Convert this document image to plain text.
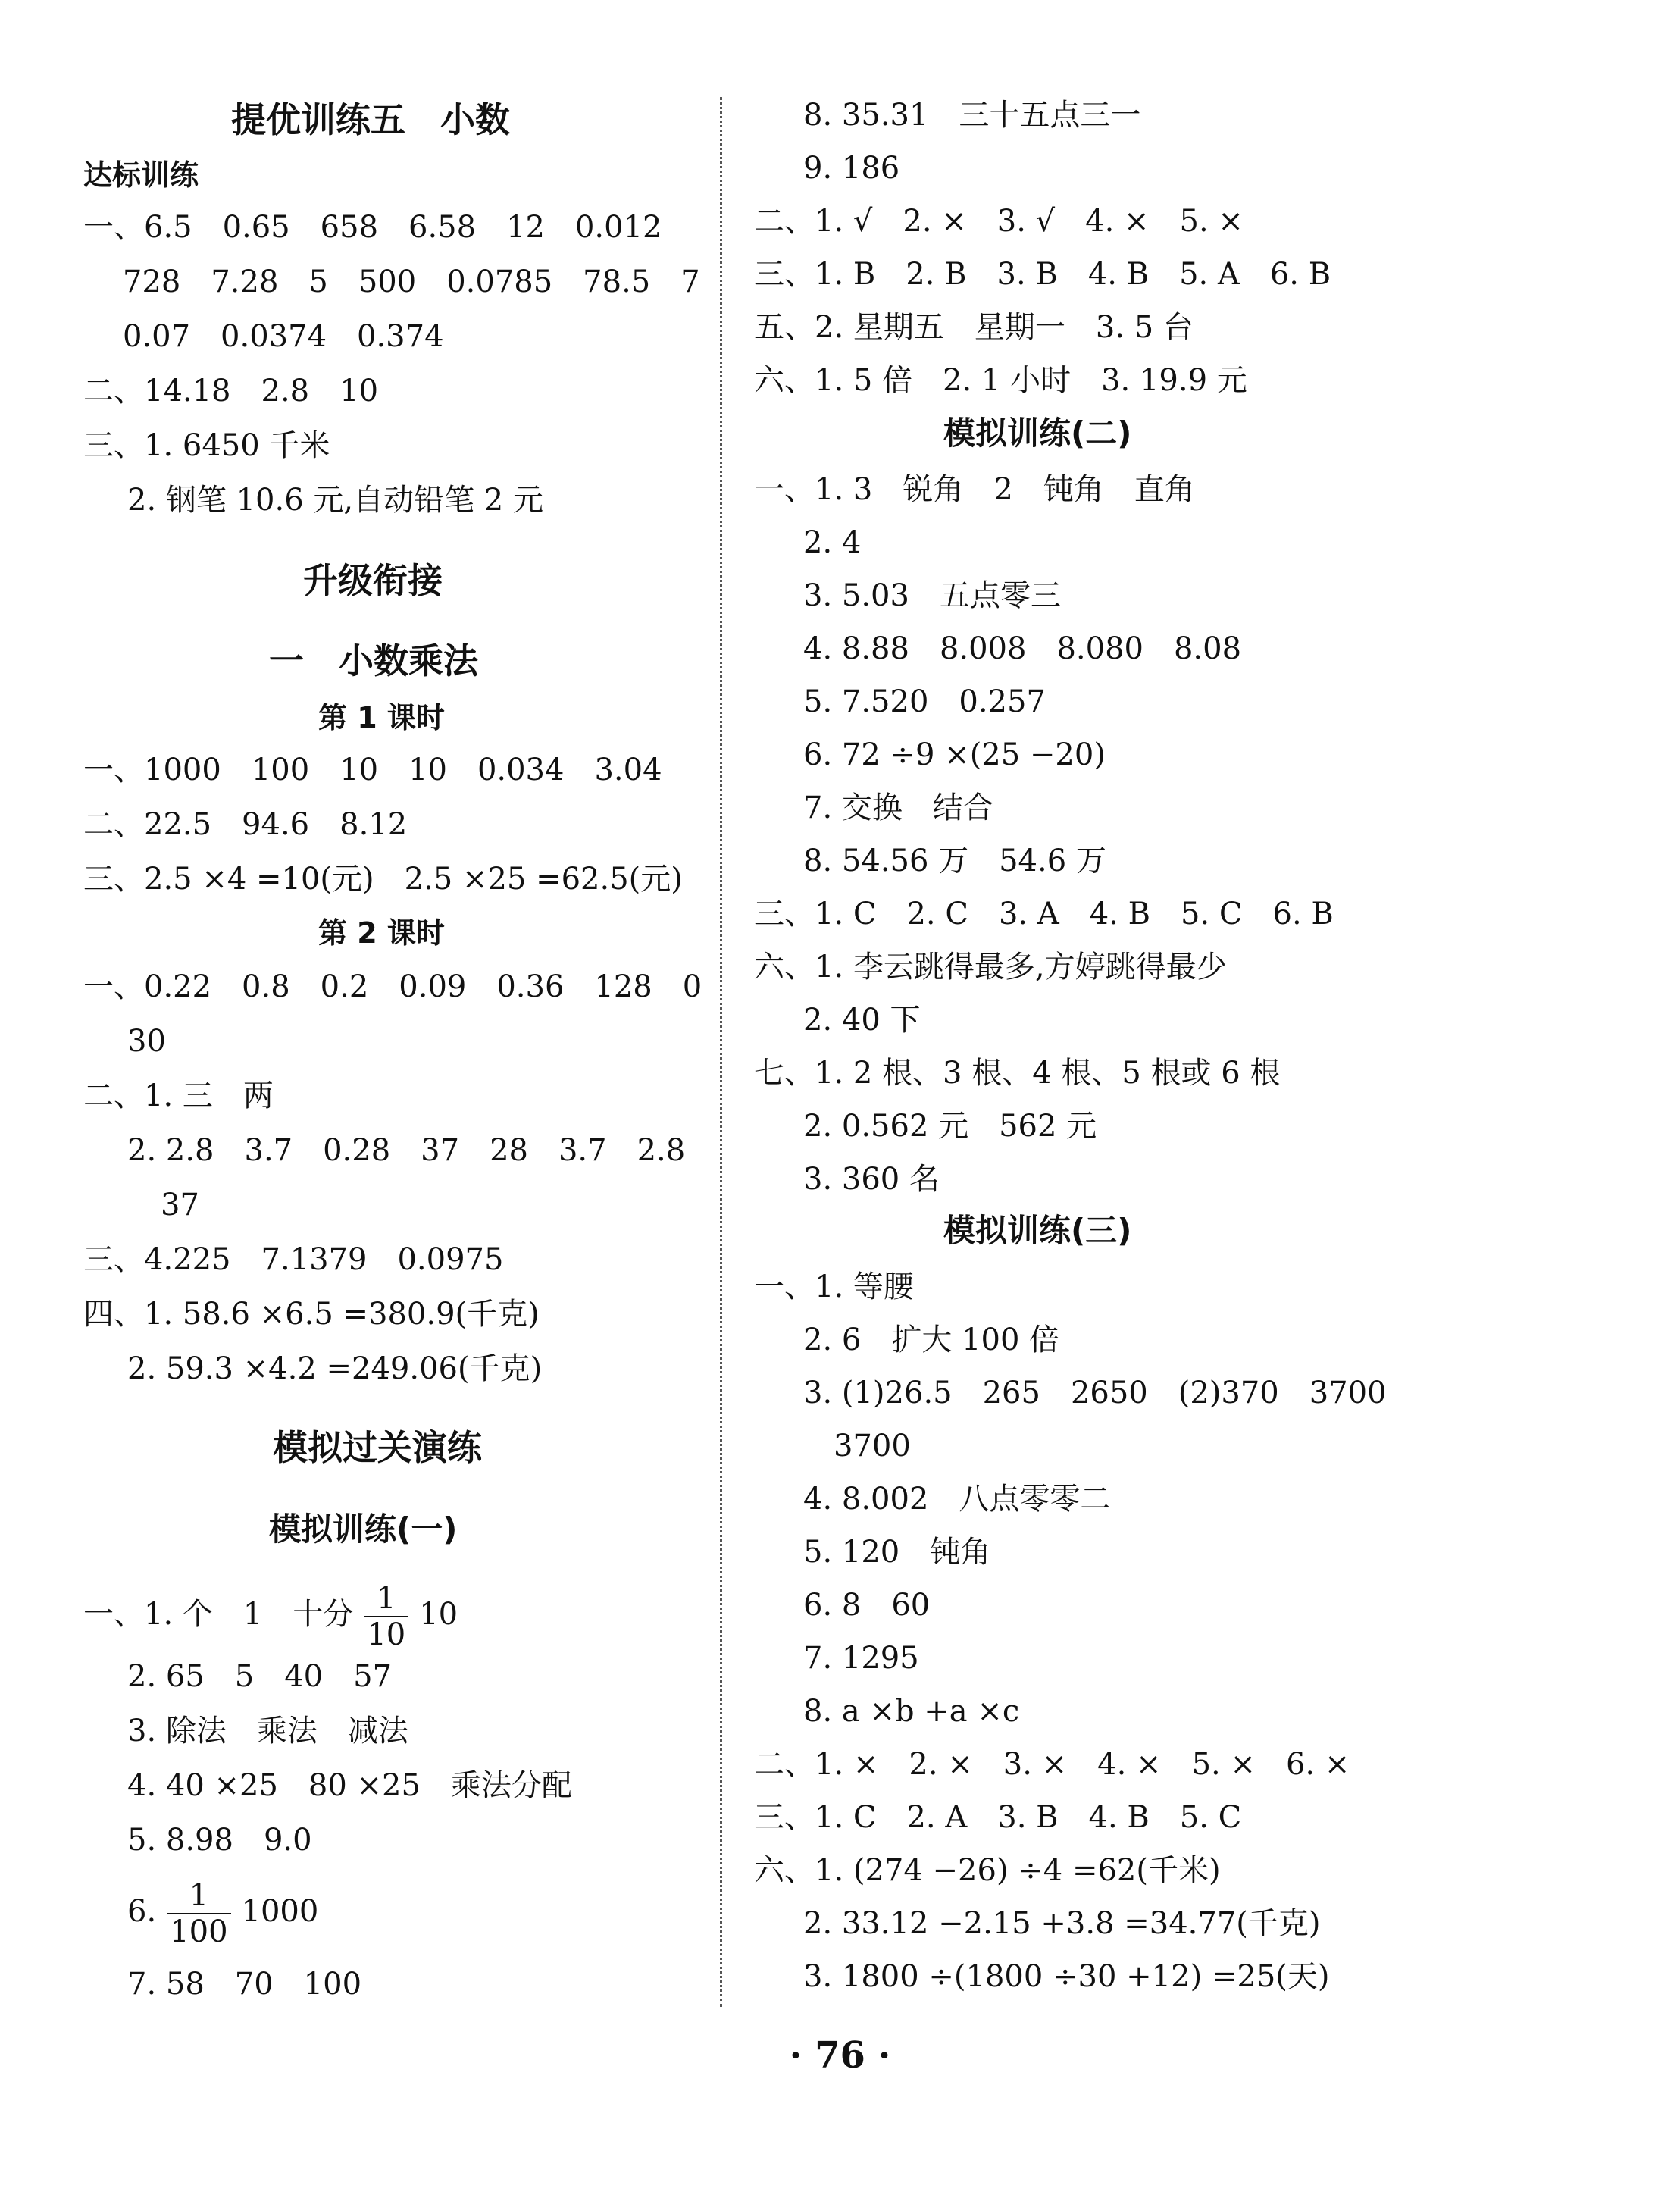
提优训练五　小数
达标训练
一、6.5　0.65　658　6.58　12　0.012
728　7.28　5　500　0.0785　78.5　7
0.07　0.0374　0.374
二、14.18　2.8　10
三、1. 6450 千米
2. 钢笔 10.6 元,自动铅笔 2 元
升级衔接
一　小数乘法
第 1 课时
一、1000　100　10　10　0.034　3.04
二、22.5　94.6　8.12
三、2.5 ×4 =10(元)　2.5 ×25 =62.5(元)
第 2 课时
一、0.22　0.8　0.2　0.09　0.36　128　0
30
二、1. 三　两
2. 2.8　3.7　0.28　37　28　3.7　2.8
37
三、4.225　7.1379　0.0975
四、1. 58.6 ×6.5 =380.9(千克)
2. 59.3 ×4.2 =249.06(千克)
模拟过关演练
模拟训练(一)
一、1. 个　1　十分 $\frac{1}{10} 10$
2. 65　5　40　57
3. 除法　乘法　减法
4. 40 ×25　80 ×25　乘法分配
5. 8.98　9.0
6. $\frac{1}{100} 1000$
7. 58　70　100
8. 35.31　三十五点三一
9. 186
二、1. √　2. ×　3. √　4. ×　5. ×
三、1. B　2. B　3. B　4. B　5. A　6. B
五、2. 星期五　星期一　3. 5 台
六、1. 5 倍　2. 1 小时　3. 19.9 元
模拟训练(二)
一、1. 3　锐角　2　钝角　直角
2. 4
3. 5.03　五点零三
4. 8.88　8.008　8.080　8.08
5. 7.520　0.257
6. 72 ÷9 ×(25 −20)
7. 交换　结合
8. 54.56 万　54.6 万
三、1. C　2. C　3. A　4. B　5. C　6. B
六、1. 李云跳得最多,方婷跳得最少
2. 40 下
七、1. 2 根、3 根、4 根、5 根或 6 根
2. 0.562 元　562 元
3. 360 名
模拟训练(三)
一、1. 等腰
2. 6　扩大 100 倍
3. (1)26.5　265　2650　(2)370　3700
3700
4. 8.002　八点零零二
5. 120　钝角
6. 8　60
7. 1295
8. a ×b +a ×c
二、1. ×　2. ×　3. ×　4. ×　5. ×　6. ×
三、1. C　2. A　3. B　4. B　5. C
六、1. (274 −26) ÷4 =62(千米)
2. 33.12 −2.15 +3.8 =34.77(千克)
3. 1800 ÷(1800 ÷30 +12) =25(天)
· 76 ·
